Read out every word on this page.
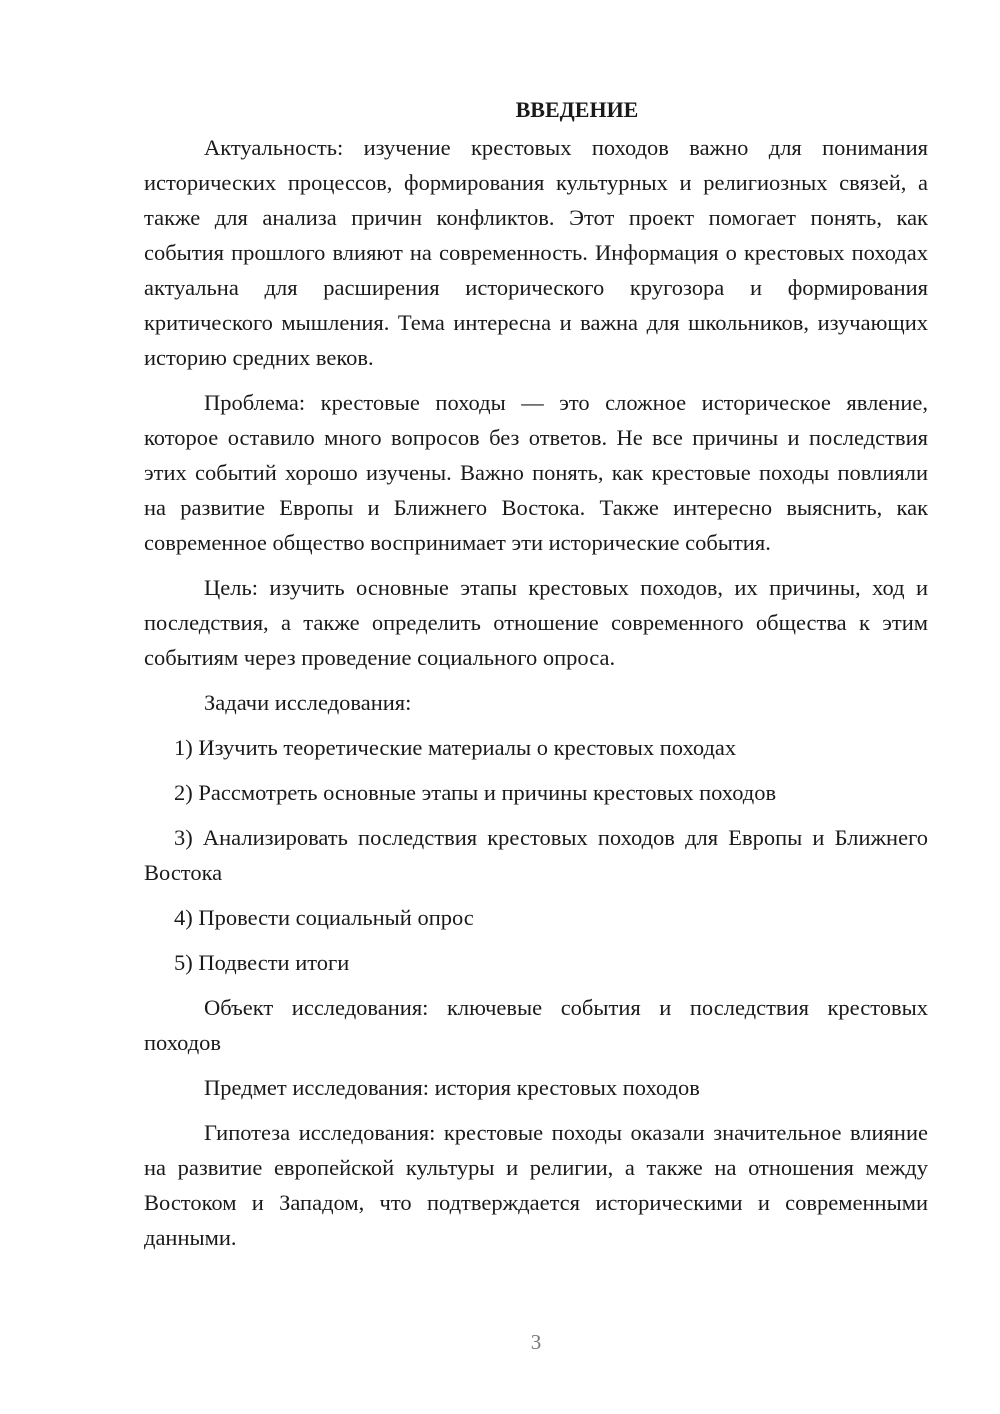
ВВЕДЕНИЕ

Актуальность: изучение крестовых походов важно для понимания исторических процессов, формирования культурных и религиозных связей, а также для анализа причин конфликтов. Этот проект помогает понять, как события прошлого влияют на современность. Информация о крестовых походах актуальна для расширения исторического кругозора и формирования критического мышления. Тема интересна и важна для школьников, изучающих историю средних веков.

Проблема: крестовые походы — это сложное историческое явление, которое оставило много вопросов без ответов. Не все причины и последствия этих событий хорошо изучены. Важно понять, как крестовые походы повлияли на развитие Европы и Ближнего Востока. Также интересно выяснить, как современное общество воспринимает эти исторические события.

Цель: изучить основные этапы крестовых походов, их причины, ход и последствия, а также определить отношение современного общества к этим событиям через проведение социального опроса.

Задачи исследования:

1) Изучить теоретические материалы о крестовых походах

2) Рассмотреть основные этапы и причины крестовых походов

3) Анализировать последствия крестовых походов для Европы и Ближнего Востока

4) Провести социальный опрос

5) Подвести итоги

Объект исследования: ключевые события и последствия крестовых походов

Предмет исследования: история крестовых походов

Гипотеза исследования: крестовые походы оказали значительное влияние на развитие европейской культуры и религии, а также на отношения между Востоком и Западом, что подтверждается историческими и современными данными.

3
